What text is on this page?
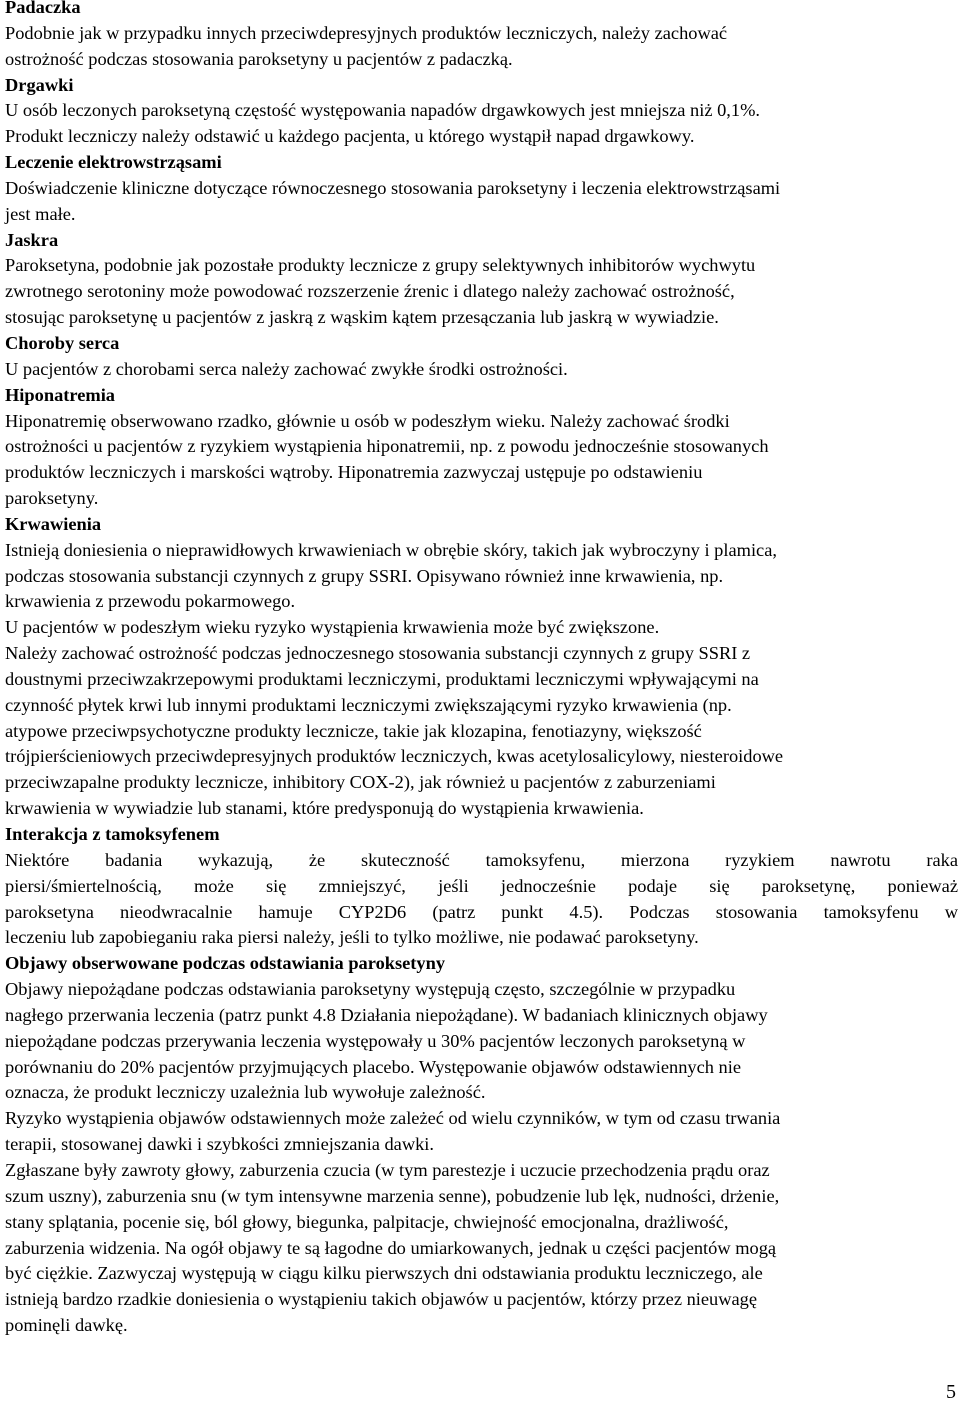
Padaczka
Podobnie jak w przypadku innych przeciwdepresyjnych produktów leczniczych, należy zachować
ostrożność podczas stosowania paroksetyny u pacjentów z padaczką.
Drgawki
U osób leczonych paroksetyną częstość występowania napadów drgawkowych jest mniejsza niż 0,1%.
Produkt leczniczy należy odstawić u każdego pacjenta, u którego wystąpił napad drgawkowy.
Leczenie elektrowstrząsami
Doświadczenie kliniczne dotyczące równoczesnego stosowania paroksetyny i leczenia elektrowstrząsami
jest małe.
Jaskra
Paroksetyna, podobnie jak pozostałe produkty lecznicze z grupy selektywnych inhibitorów wychwytu
zwrotnego serotoniny może powodować rozszerzenie źrenic i dlatego należy zachować ostrożność,
stosując paroksetynę u pacjentów z jaskrą z wąskim kątem przesączania lub jaskrą w wywiadzie.
Choroby serca
U pacjentów z chorobami serca należy zachować zwykłe środki ostrożności.
Hiponatremia
Hiponatremię obserwowano rzadko, głównie u osób w podeszłym wieku. Należy zachować środki
ostrożności u pacjentów z ryzykiem wystąpienia hiponatremii, np. z powodu jednocześnie stosowanych
produktów leczniczych i marskości wątroby. Hiponatremia zazwyczaj ustępuje po odstawieniu
paroksetyny.
Krwawienia
Istnieją doniesienia o nieprawidłowych krwawieniach w obrębie skóry, takich jak wybroczyny i plamica,
podczas stosowania substancji czynnych z grupy SSRI. Opisywano również inne krwawienia, np.
krwawienia z przewodu pokarmowego.
U pacjentów w podeszłym wieku ryzyko wystąpienia krwawienia może być zwiększone.
Należy zachować ostrożność podczas jednoczesnego stosowania substancji czynnych z grupy SSRI z
doustnymi przeciwzakrzepowymi produktami leczniczymi, produktami leczniczymi wpływającymi na
czynność płytek krwi lub innymi produktami leczniczymi zwiększającymi ryzyko krwawienia (np.
atypowe przeciwpsychotyczne produkty lecznicze, takie jak klozapina, fenotiazyny, większość
trójpierścieniowych przeciwdepresyjnych produktów leczniczych, kwas acetylosalicylowy, niesteroidowe
przeciwzapalne produkty lecznicze, inhibitory COX-2), jak również u pacjentów z zaburzeniami
krwawienia w wywiadzie lub stanami, które predysponują do wystąpienia krwawienia.
Interakcja z tamoksyfenem
Niektóre badania wykazują, że skuteczność tamoksyfenu, mierzona ryzykiem nawrotu raka
piersi/śmiertelnością, może się zmniejszyć, jeśli jednocześnie podaje się paroksetynę, ponieważ
paroksetyna nieodwracalnie hamuje CYP2D6 (patrz punkt 4.5). Podczas stosowania tamoksyfenu w
leczeniu lub zapobieganiu raka piersi należy, jeśli to tylko możliwe, nie podawać paroksetyny.
Objawy obserwowane podczas odstawiania paroksetyny
Objawy niepożądane podczas odstawiania paroksetyny występują często, szczególnie w przypadku
nagłego przerwania leczenia (patrz punkt 4.8 Działania niepożądane). W badaniach klinicznych objawy
niepożądane podczas przerywania leczenia występowały u 30% pacjentów leczonych paroksetyną w
porównaniu do 20% pacjentów przyjmujących placebo. Występowanie objawów odstawiennych nie
oznacza, że produkt leczniczy uzależnia lub wywołuje zależność.
Ryzyko wystąpienia objawów odstawiennych może zależeć od wielu czynników, w tym od czasu trwania
terapii, stosowanej dawki i szybkości zmniejszania dawki.
Zgłaszane były zawroty głowy, zaburzenia czucia (w tym parestezje i uczucie przechodzenia prądu oraz
szum uszny), zaburzenia snu (w tym intensywne marzenia senne), pobudzenie lub lęk, nudności, drżenie,
stany splątania, pocenie się, ból głowy, biegunka, palpitacje, chwiejność emocjonalna, drażliwość,
zaburzenia widzenia. Na ogół objawy te są łagodne do umiarkowanych, jednak u części pacjentów mogą
być ciężkie. Zazwyczaj występują w ciągu kilku pierwszych dni odstawiania produktu leczniczego, ale
istnieją bardzo rzadkie doniesienia o wystąpieniu takich objawów u pacjentów, którzy przez nieuwagę
pominęli dawkę.
5
